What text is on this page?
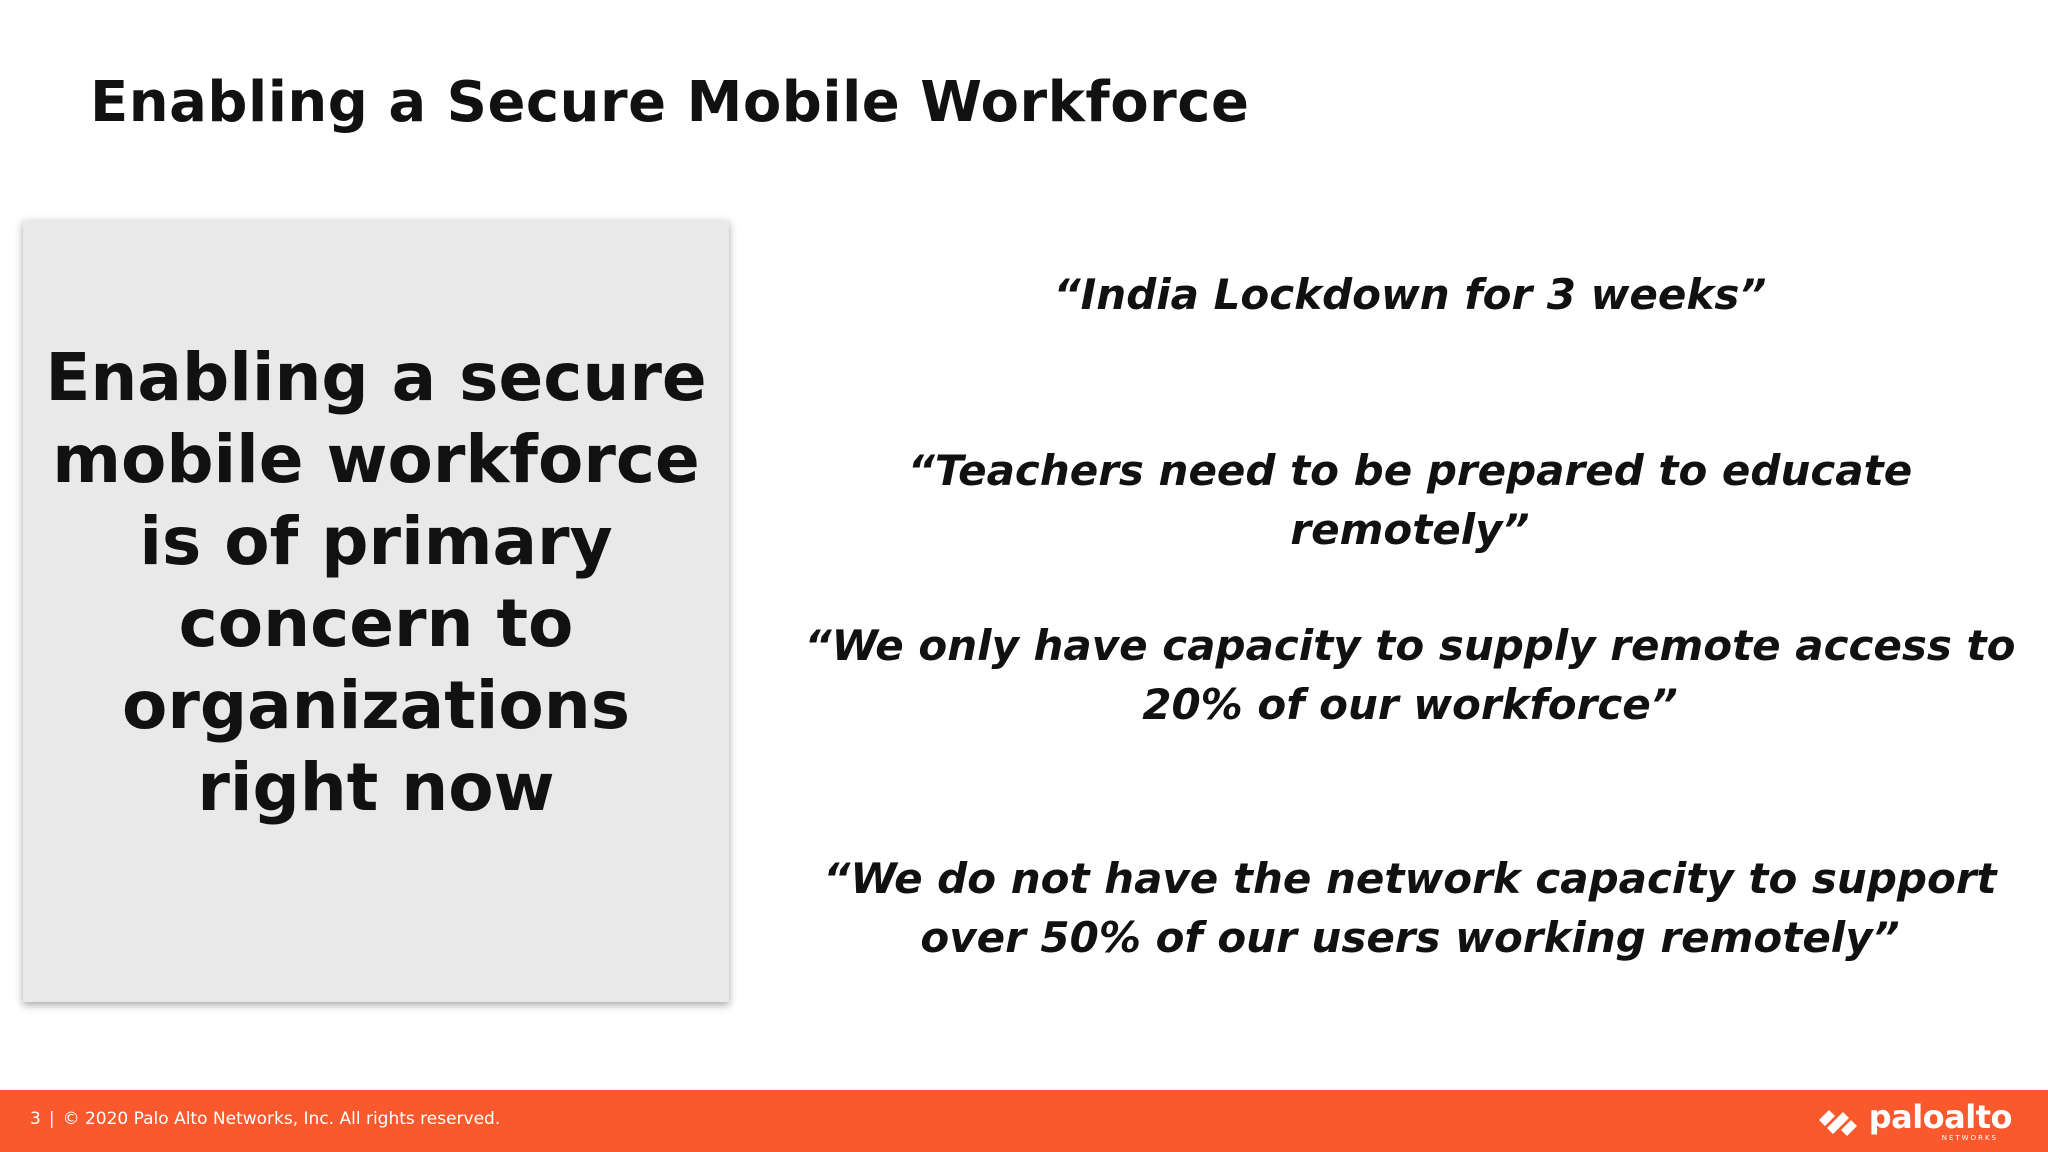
Enabling a Secure Mobile Workforce
Enabling a secure mobile workforce is of primary concern to organizations right now
“India Lockdown for 3 weeks”
“Teachers need to be prepared to educate remotely”
“We only have capacity to supply remote access to 20% of our workforce”
“We do not have the network capacity to support over 50% of our users working remotely”
3 | © 2020 Palo Alto Networks, Inc. All rights reserved.	paloalto
NETWORKS
